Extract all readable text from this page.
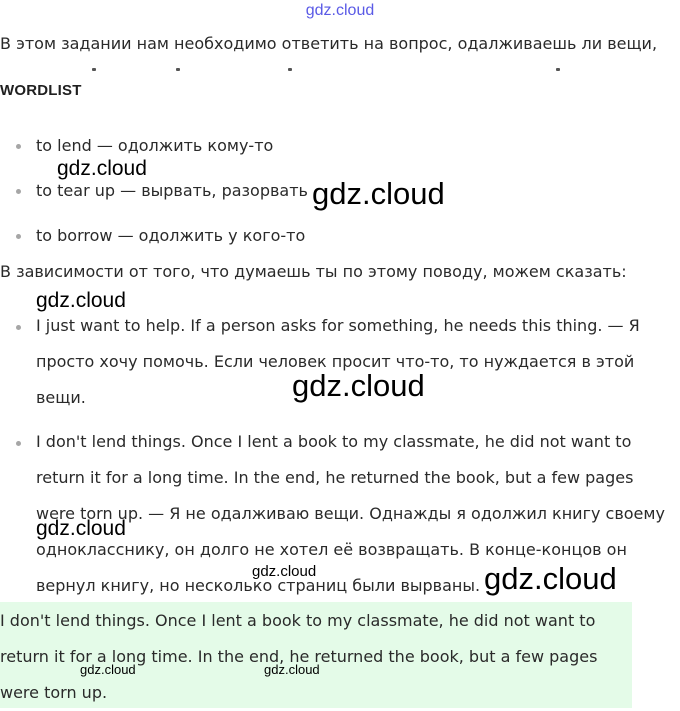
gdz.cloud

В этом задании нам необходимо ответить на вопрос, одалживаешь ли вещи,

WORDLIST
to lend — одолжить кому-то
to tear up — вырвать, разорвать
to borrow — одолжить у кого-то

В зависимости от того, что думаешь ты по этому поводу, можем сказать:

I just want to help. If a person asks for something, he needs this thing. — Я просто хочу помочь. Если человек просит что-то, то нуждается в этой вещи.
I don't lend things. Once I lent a book to my classmate, he did not want to return it for a long time. In the end, he returned the book, but a few pages were torn up. — Я не одалживаю вещи. Однажды я одолжил книгу своему однокласснику, он долго не хотел её возвращать. В конце-концов он вернул книгу, но несколько страниц были вырваны.
I don't lend things. Once I lent a book to my classmate, he did not want to return it for a long time. In the end, he returned the book, but a few pages were torn up.
gdz.cloud
gdz.cloud
gdz.cloud
gdz.cloud
gdz.cloud
gdz.cloud	gdz.cloud
gdz.cloud	gdz.cloud
